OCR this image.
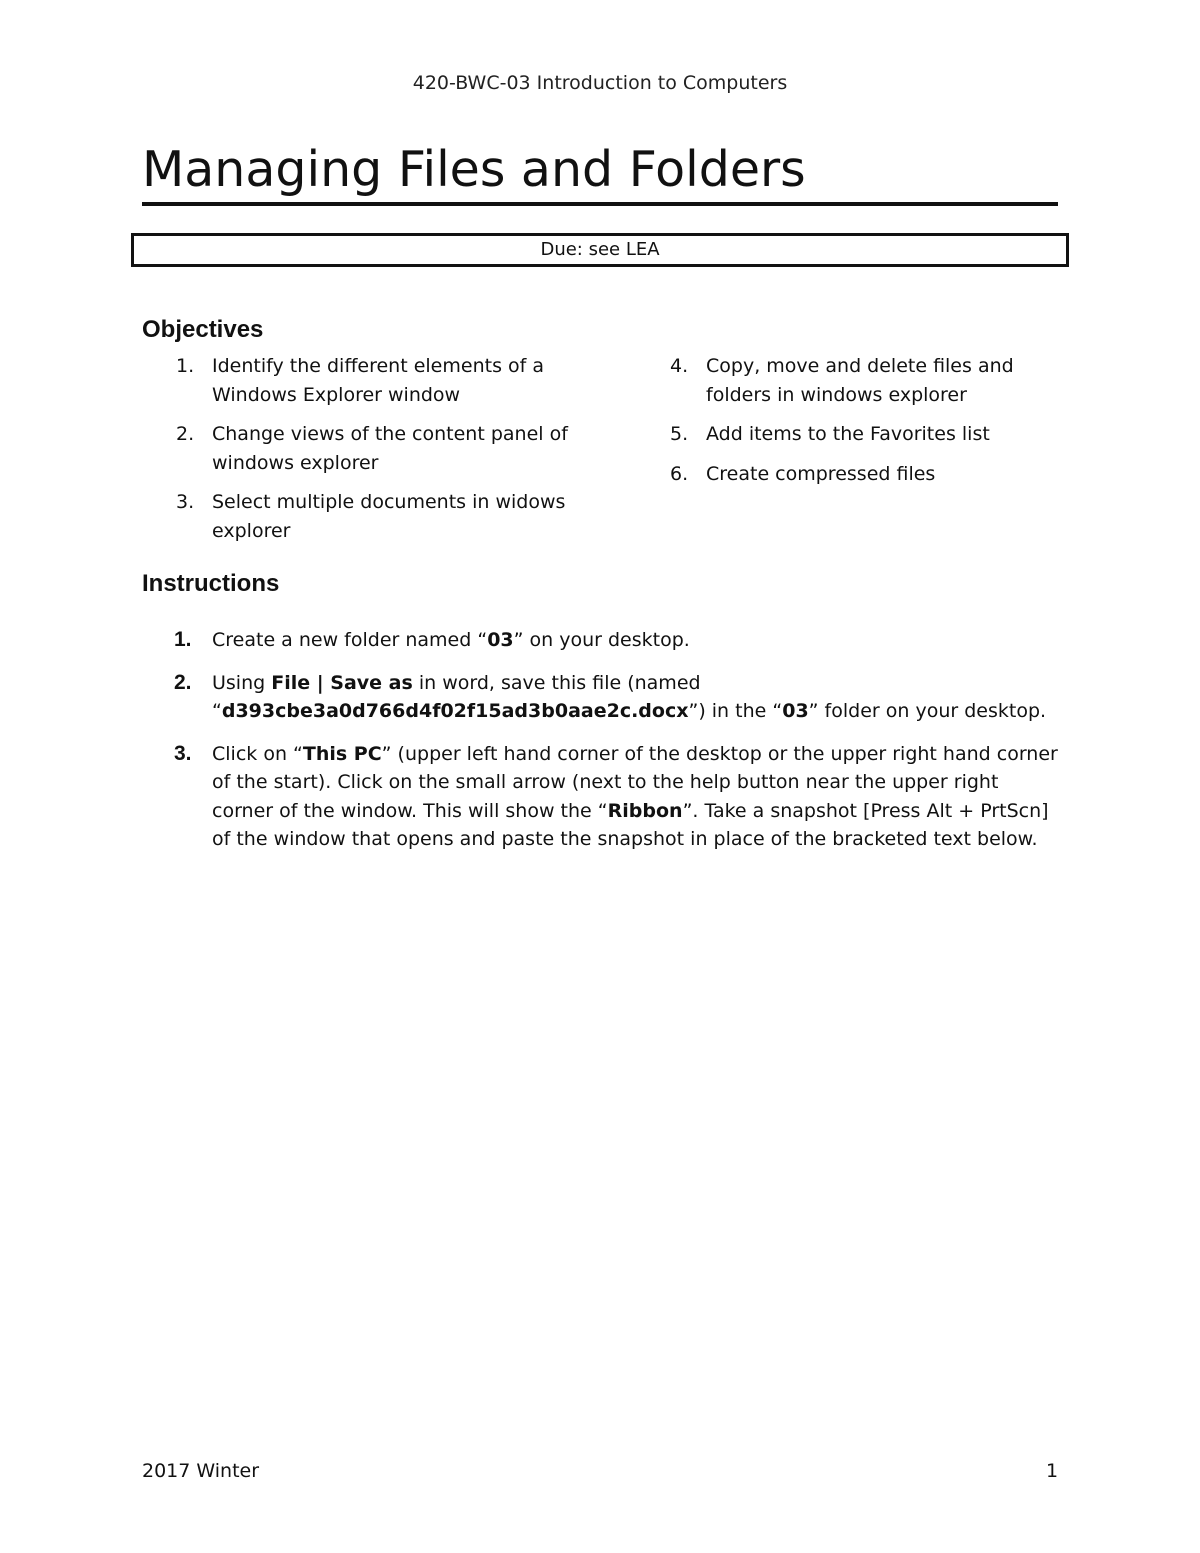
420-BWC-03 Introduction to Computers
Managing Files and Folders
Due: see LEA
Objectives
1. Identify the different elements of a Windows Explorer window
2. Change views of the content panel of windows explorer
3. Select multiple documents in widows explorer
4. Copy, move and delete files and folders in windows explorer
5. Add items to the Favorites list
6. Create compressed files
Instructions
1.	Create a new folder named “03” on your desktop.
2.	Using File | Save as in word, save this file (named “d393cbe3a0d766d4f02f15ad3b0aae2c.docx”) in the “03” folder on your desktop.
3.	Click on “This PC” (upper left hand corner of the desktop or the upper right hand corner of the start). Click on the small arrow (next to the help button near the upper right corner of the window. This will show the “Ribbon”. Take a snapshot [Press Alt + PrtScn] of the window that opens and paste the snapshot in place of the bracketed text below.
2017 Winter	1
